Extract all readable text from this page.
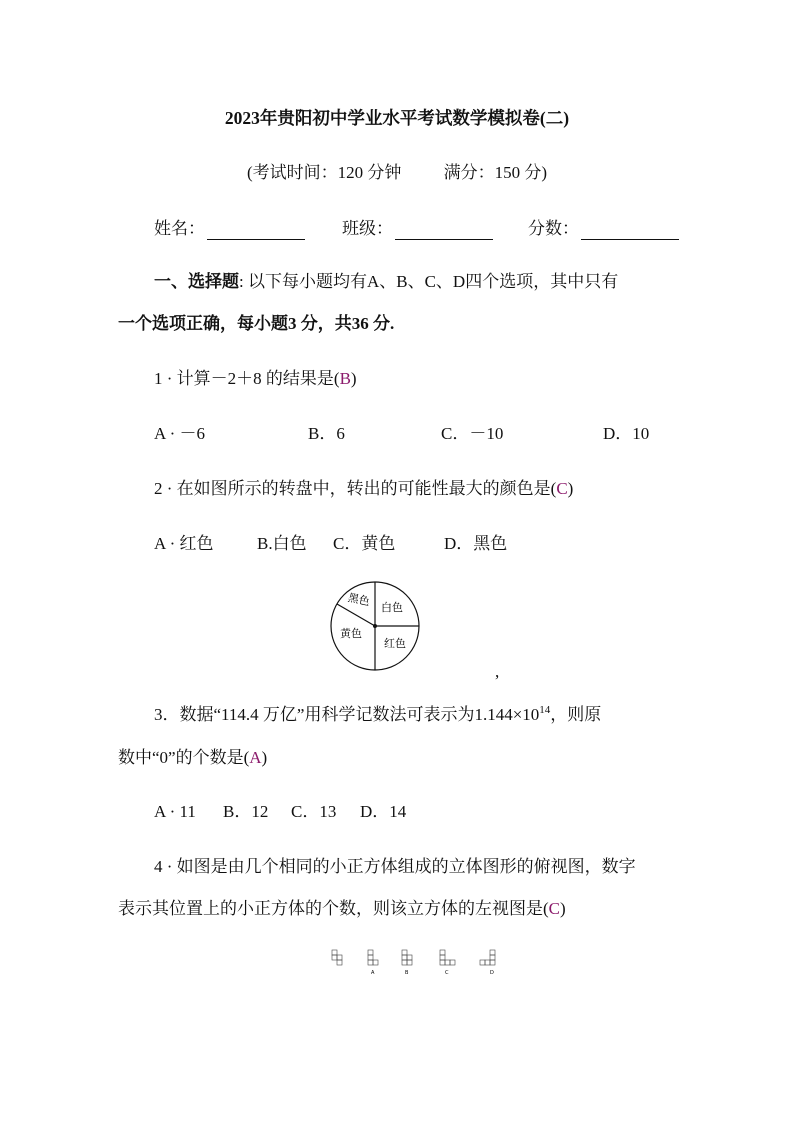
2023年贵阳初中学业水平考试数学模拟卷(二)
(考试时间：120 分钟 满分：150 分)
姓名：	班级：	分数：
一、选择题: 以下每小题均有A、B、C、D四个选项，其中只有
一个选项正确，每小题3 分，共36 分.
1 · 计算－2＋8 的结果是(B)
A · －6	B．6	C．－10	D．10
2 · 在如图所示的转盘中，转出的可能性最大的颜色是(C)
A · 红色	B.白色 C．黄色	D．黑色
黑色 白色
黄色
红色
,
3．数据“114.4 万亿”用科学记数法可表示为$1.144\times 10^{14}$，则原
数中“0”的个数是(A)
A · 11 B．12 C．13 D．14
4 · 如图是由几个相同的小正方体组成的立体图形的俯视图，数字
表示其位置上的小正方体的个数，则该立方体的左视图是(C)
A	B	C	D
